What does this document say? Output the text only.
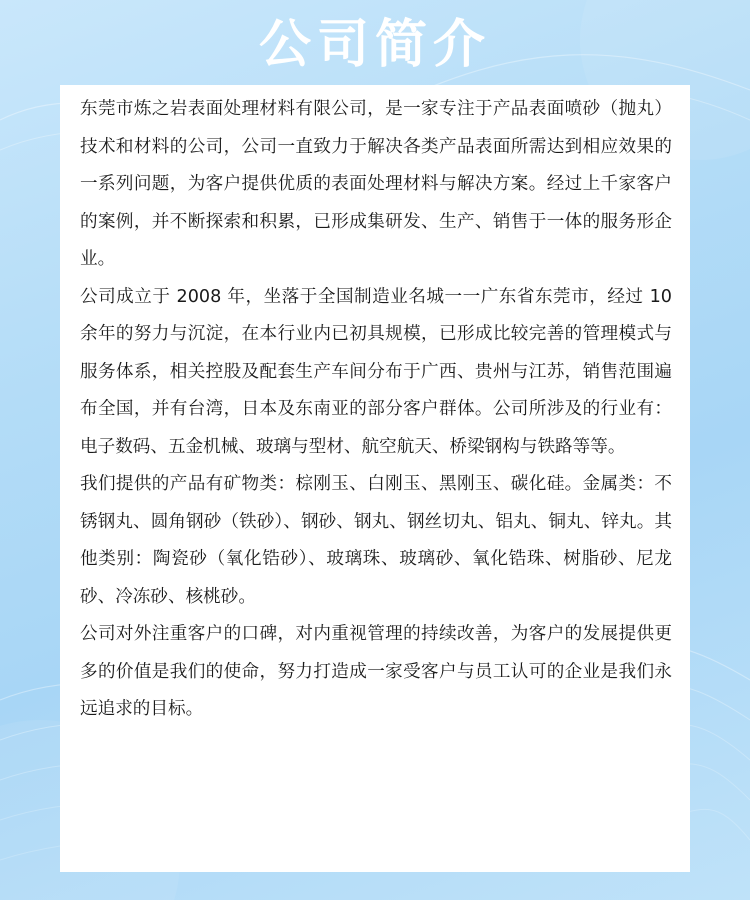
公司简介

东莞市炼之岩表面处理材料有限公司，是一家专注于产品表面喷砂（抛丸）技术和材料的公司，公司一直致力于解决各类产品表面所需达到相应效果的一系列问题，为客户提供优质的表面处理材料与解决方案。经过上千家客户的案例，并不断探索和积累，已形成集研发、生产、销售于一体的服务形企业。

公司成立于 2008 年，坐落于全国制造业名城一一广东省东莞市，经过 10 余年的努力与沉淀，在本行业内已初具规模，已形成比较完善的管理模式与服务体系，相关控股及配套生产车间分布于广西、贵州与江苏，销售范围遍布全国，并有台湾，日本及东南亚的部分客户群体。公司所涉及的行业有：电子数码、五金机械、玻璃与型材、航空航天、桥梁钢构与铁路等等。

我们提供的产品有矿物类：棕刚玉、白刚玉、黑刚玉、碳化硅。金属类：不锈钢丸、圆角钢砂（铁砂）、钢砂、钢丸、钢丝切丸、铝丸、铜丸、锌丸。其他类别：陶瓷砂（氧化锆砂）、玻璃珠、玻璃砂、氧化锆珠、树脂砂、尼龙砂、冷冻砂、核桃砂。

公司对外注重客户的口碑，对内重视管理的持续改善，为客户的发展提供更多的价值是我们的使命，努力打造成一家受客户与员工认可的企业是我们永远追求的目标。
